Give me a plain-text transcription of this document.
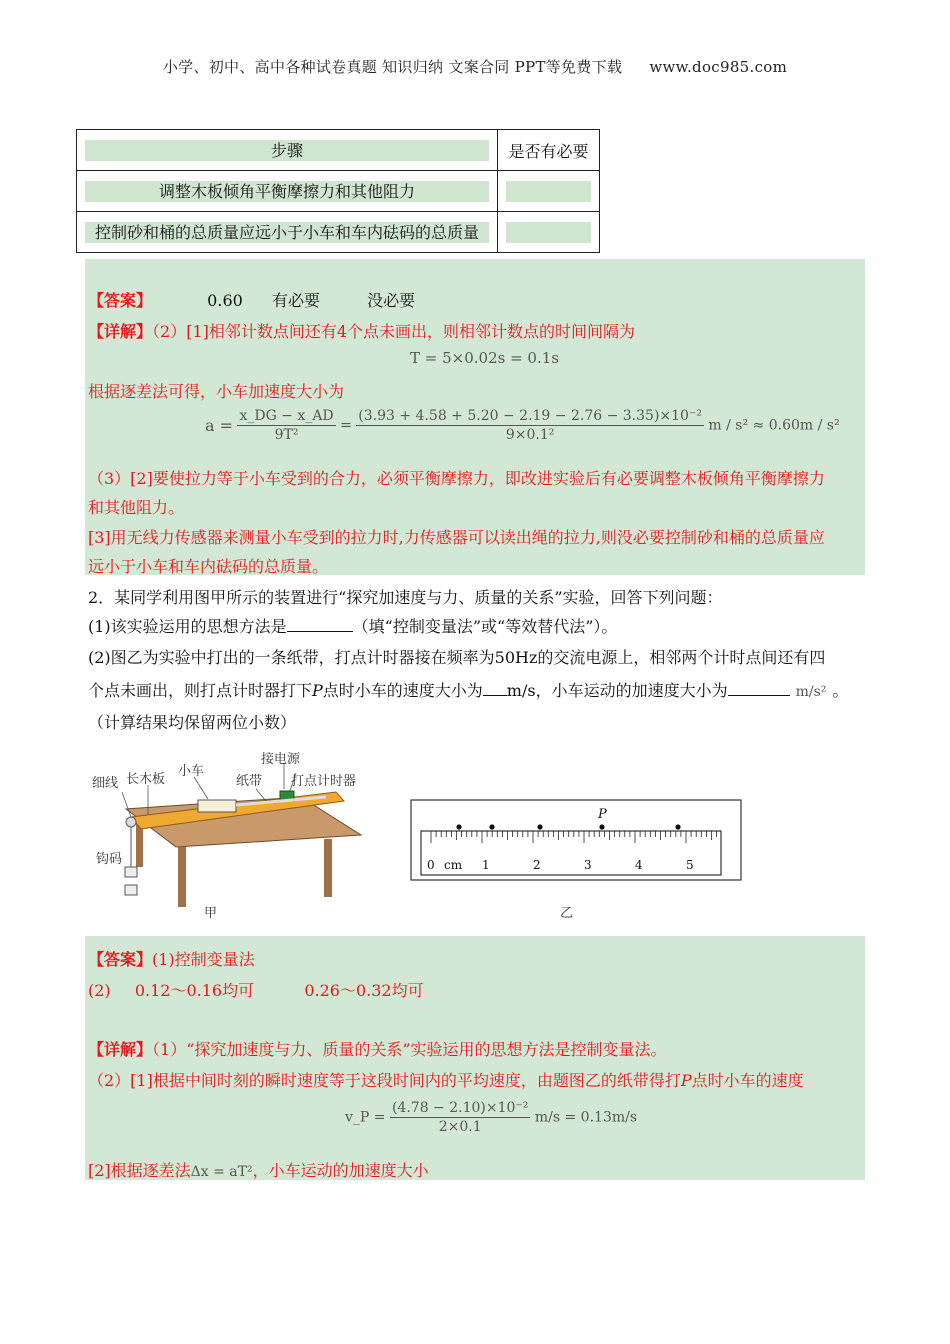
小学、初中、高中各种试卷真题 知识归纳 文案合同 PPT等免费下载 www.doc985.com
步骤	是否有必要

调整木板倾角平衡摩擦力和其他阻力	

控制砂和桶的总质量应远小于小车和车内砝码的总质量	

【答案】	0.60 有必要	没必要
【详解】（2）[1]相邻计数点间还有4个点未画出，则相邻计数点的时间间隔为
T = 5×0.02s = 0.1s
根据逐差法可得，小车加速度大小为
$a = \frac{x\_DG - x\_AD}{\text{9T²}} = \frac{\text{(3.93 + 4.58 + 5.20 − 2.19 − 2.76 − 3.35)×10⁻²}}{\text{9×0.1²}}$ m / s² ≈ 0.60m / s²
（3）[2]要使拉力等于小车受到的合力，必须平衡摩擦力，即改进实验后有必要调整木板倾角平衡摩擦力
和其他阻力。
[3]用无线力传感器来测量小车受到的拉力时,力传感器可以读出绳的拉力,则没必要控制砂和桶的总质量应
远小于小车和车内砝码的总质量。
2．某同学利用图甲所示的装置进行“探究加速度与力、质量的关系”实验，回答下列问题：
(1)该实验运用的思想方法是	（填“控制变量法”或“等效替代法”）。
(2)图乙为实验中打出的一条纸带，打点计时器接在频率为50Hz的交流电源上，相邻两个计时点间还有四
个点未画出，则打点计时器打下P点时小车的速度大小为 m/s，小车运动的加速度大小为	m/s² 。
（计算结果均保留两位小数）
细线 长木板
小车
接电源
纸带 打点计时器
钩码
甲
P
0 cm 1	2	3	4	5
乙
【答案】(1)控制变量法
(2) 0.12～0.16均可	0.26～0.32均可
【详解】（1）“探究加速度与力、质量的关系”实验运用的思想方法是控制变量法。
（2）[1]根据中间时刻的瞬时速度等于这段时间内的平均速度，由题图乙的纸带得打P点时小车的速度
v_P = $\frac{\text{(4.78 − 2.10)×10⁻²}}{2\times 0.1} m/s = 0.13m/s$
[2]根据逐差法Δx = aT²，小车运动的加速度大小
